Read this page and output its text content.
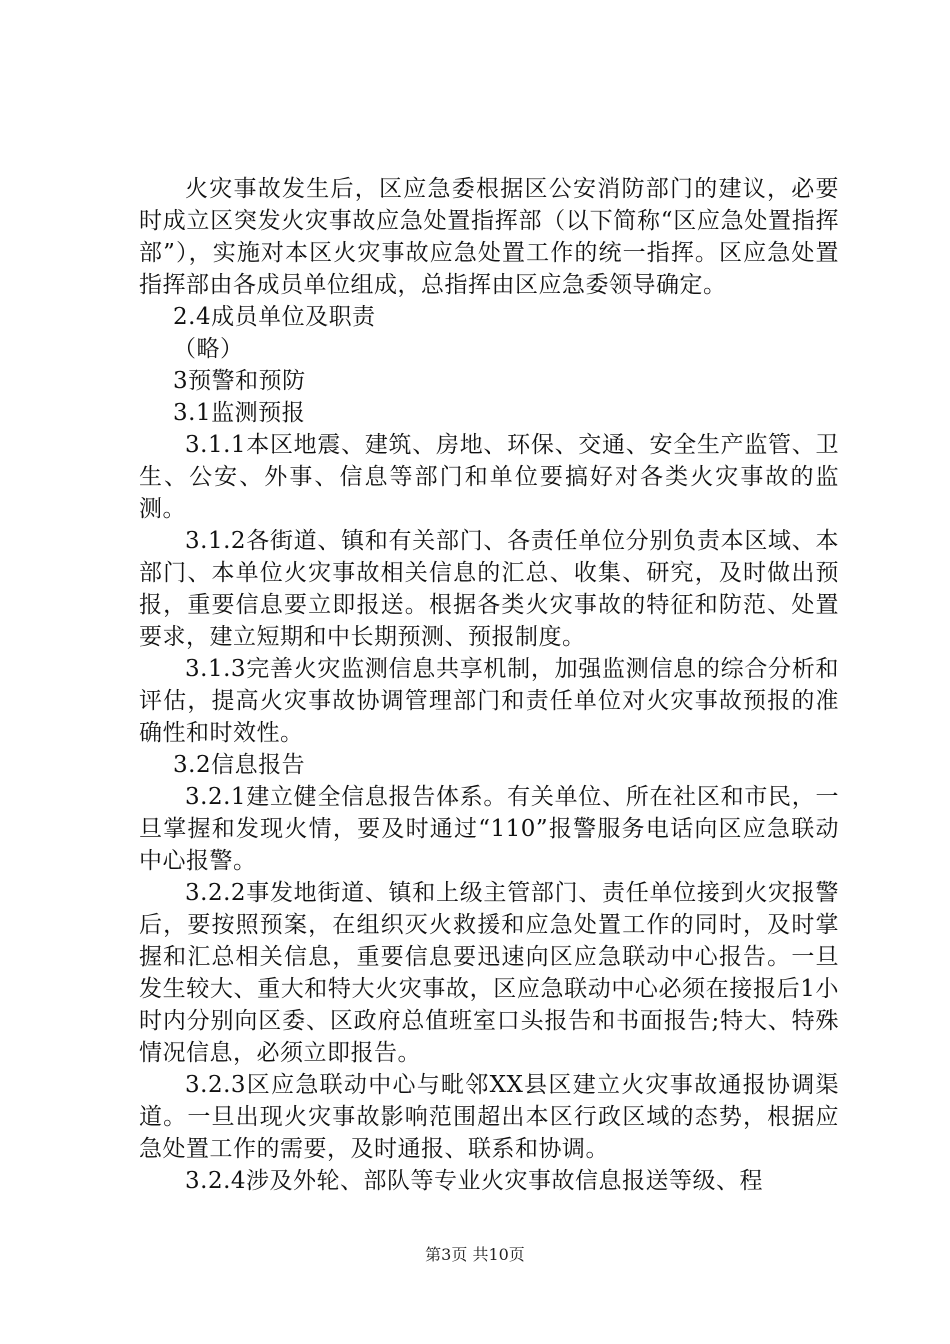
火灾事故发生后，区应急委根据区公安消防部门的建议，必要时成立区突发火灾事故应急处置指挥部（以下简称“区应急处置指挥部”），实施对本区火灾事故应急处置工作的统一指挥。区应急处置指挥部由各成员单位组成，总指挥由区应急委领导确定。

2.4成员单位及职责

（略）

3预警和预防

3.1监测预报

3.1.1本区地震、建筑、房地、环保、交通、安全生产监管、卫生、公安、外事、信息等部门和单位要搞好对各类火灾事故的监测。

3.1.2各街道、镇和有关部门、各责任单位分别负责本区域、本部门、本单位火灾事故相关信息的汇总、收集、研究，及时做出预报，重要信息要立即报送。根据各类火灾事故的特征和防范、处置要求，建立短期和中长期预测、预报制度。

3.1.3完善火灾监测信息共享机制，加强监测信息的综合分析和评估，提高火灾事故协调管理部门和责任单位对火灾事故预报的准确性和时效性。

3.2信息报告

3.2.1建立健全信息报告体系。有关单位、所在社区和市民，一旦掌握和发现火情，要及时通过“110”报警服务电话向区应急联动中心报警。

3.2.2事发地街道、镇和上级主管部门、责任单位接到火灾报警后，要按照预案，在组织灭火救援和应急处置工作的同时，及时掌握和汇总相关信息，重要信息要迅速向区应急联动中心报告。一旦发生较大、重大和特大火灾事故，区应急联动中心必须在接报后1小时内分别向区委、区政府总值班室口头报告和书面报告;特大、特殊情况信息，必须立即报告。

3.2.3区应急联动中心与毗邻XX县区建立火灾事故通报协调渠道。一旦出现火灾事故影响范围超出本区行政区域的态势，根据应急处置工作的需要，及时通报、联系和协调。

3.2.4涉及外轮、部队等专业火灾事故信息报送等级、程

第3页 共10页
